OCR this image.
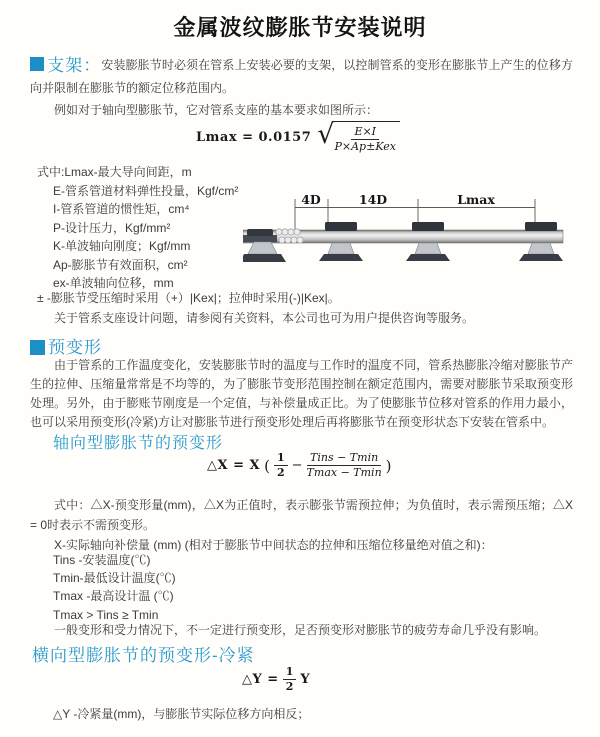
金属波纹膨胀节安装说明

支架：安装膨胀节时必须在管系上安装必要的支架，以控制管系的变形在膨胀节上产生的位移方向并限制在膨胀节的额定位移范围内。

例如对于轴向型膨胀节，它对管系支座的基本要求如图所示：

Lmax = 0.0157 √ $\frac{E\times I}{\text{P×Ap±Kex}}$
式中:Lmax-最大导向间距，m
E-管系管道材料弹性投量，Kgf/cm²
I-管系管道的惯性矩，cm⁴
P-设计压力，Kgf/mm²
K-单波轴向刚度；Kgf/mm
Ap-膨胀节有效面积，cm²
ex-单波轴向位移，mm
4D	14D	Lmax
± -膨胀节受压缩时采用（+）|Kex|；拉伸时采用(-)|Kex|。

关于管系支座设计问题，请参阅有关资料，本公司也可为用户提供咨询等服务。

预变形

由于管系的工作温度变化，安装膨胀节时的温度与工作时的温度不同，管系热膨胀冷缩对膨胀节产生的拉伸、压缩量常常是不均等的，为了膨胀节变形范围控制在额定范围内，需要对膨胀节采取预变形处理。另外，由于膨账节刚度是一个定值，与补偿量成正比。为了使膨胀节位移对管系的作用力最小，也可以采用预变形(冷紧)方让对膨胀节进行预变形处理后再将膨胀节在预变形状态下安装在管系中。

轴向型膨胀节的预变形
△X = X ( $\frac{1}{2} - \frac{\text{Tins − Tmin}}{Tmax - Tmin}$ )

式中：△X-预变形量(mm)，△X为正值时，表示膨张节需预拉伸；为负值时，表示需预压缩；△X = 0时表示不需预变形。

X-实际轴向补偿量 (mm) (相对于膨胀节中间状态的拉伸和压缩位移量绝对值之和)：

Tins -安装温度(℃)
Tmin-最低设计温度(℃)
Tmax -最高设计温 (℃)
Tmax > Tins ≥ Tmin

一般变形和受力情况下，不一定进行预变形，足否预变形对膨胀节的疲劳寿命几乎没有影响。

横向型膨胀节的预变形-冷紧
△Y = $\frac{1}{2}$ Y
△Y -冷紧量(mm)，与膨胀节实际位移方向相反；
